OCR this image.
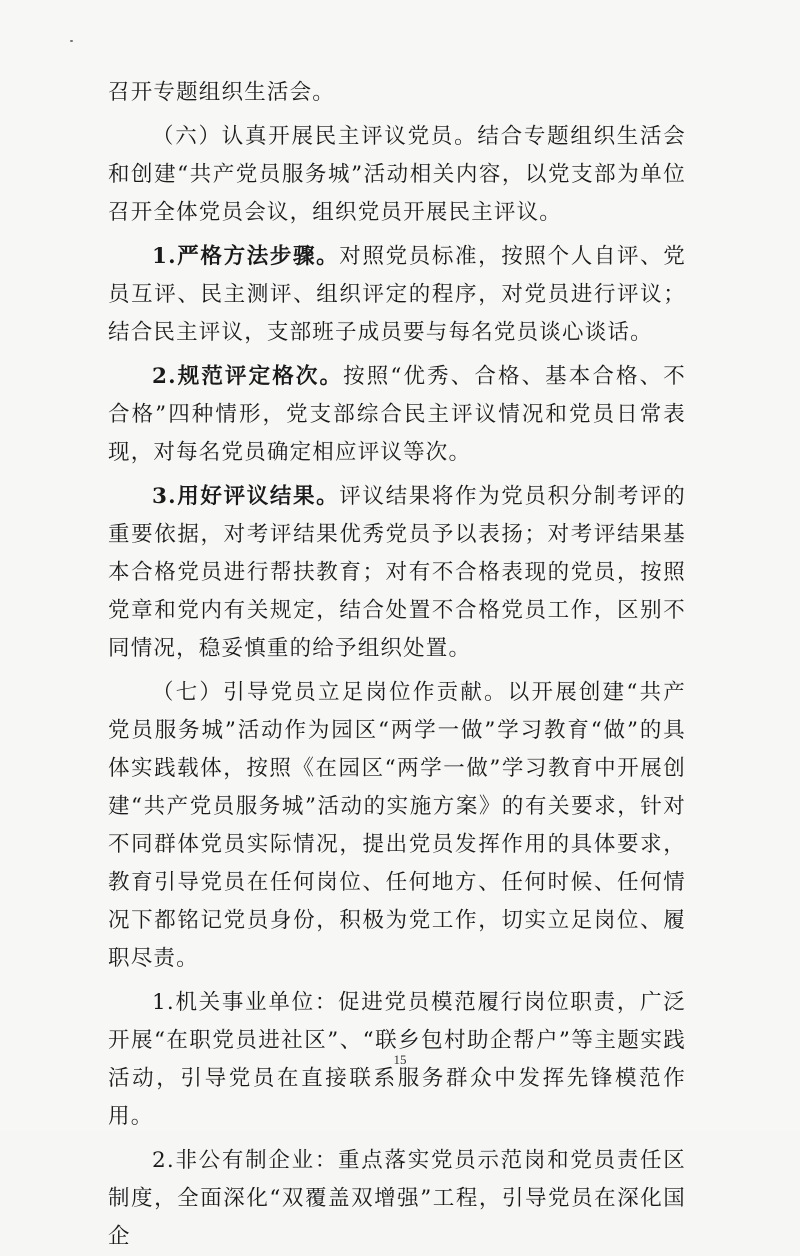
召开专题组织生活会。

（六）认真开展民主评议党员。结合专题组织生活会和创建“共产党员服务城”活动相关内容，以党支部为单位召开全体党员会议，组织党员开展民主评议。

1.严格方法步骤。对照党员标准，按照个人自评、党员互评、民主测评、组织评定的程序，对党员进行评议；结合民主评议，支部班子成员要与每名党员谈心谈话。

2.规范评定格次。按照“优秀、合格、基本合格、不合格”四种情形，党支部综合民主评议情况和党员日常表现，对每名党员确定相应评议等次。

3.用好评议结果。评议结果将作为党员积分制考评的重要依据，对考评结果优秀党员予以表扬；对考评结果基本合格党员进行帮扶教育；对有不合格表现的党员，按照党章和党内有关规定，结合处置不合格党员工作，区别不同情况，稳妥慎重的给予组织处置。

（七）引导党员立足岗位作贡献。以开展创建“共产党员服务城”活动作为园区“两学一做”学习教育“做”的具体实践载体，按照《在园区“两学一做”学习教育中开展创建“共产党员服务城”活动的实施方案》的有关要求，针对不同群体党员实际情况，提出党员发挥作用的具体要求，教育引导党员在任何岗位、任何地方、任何时候、任何情况下都铭记党员身份，积极为党工作，切实立足岗位、履职尽责。

1.机关事业单位：促进党员模范履行岗位职责，广泛开展“在职党员进社区”、“联乡包村助企帮户”等主题实践活动，引导党员在直接联系服务群众中发挥先锋模范作用。

2.非公有制企业：重点落实党员示范岗和党员责任区制度，全面深化“双覆盖双增强”工程，引导党员在深化国企

15
